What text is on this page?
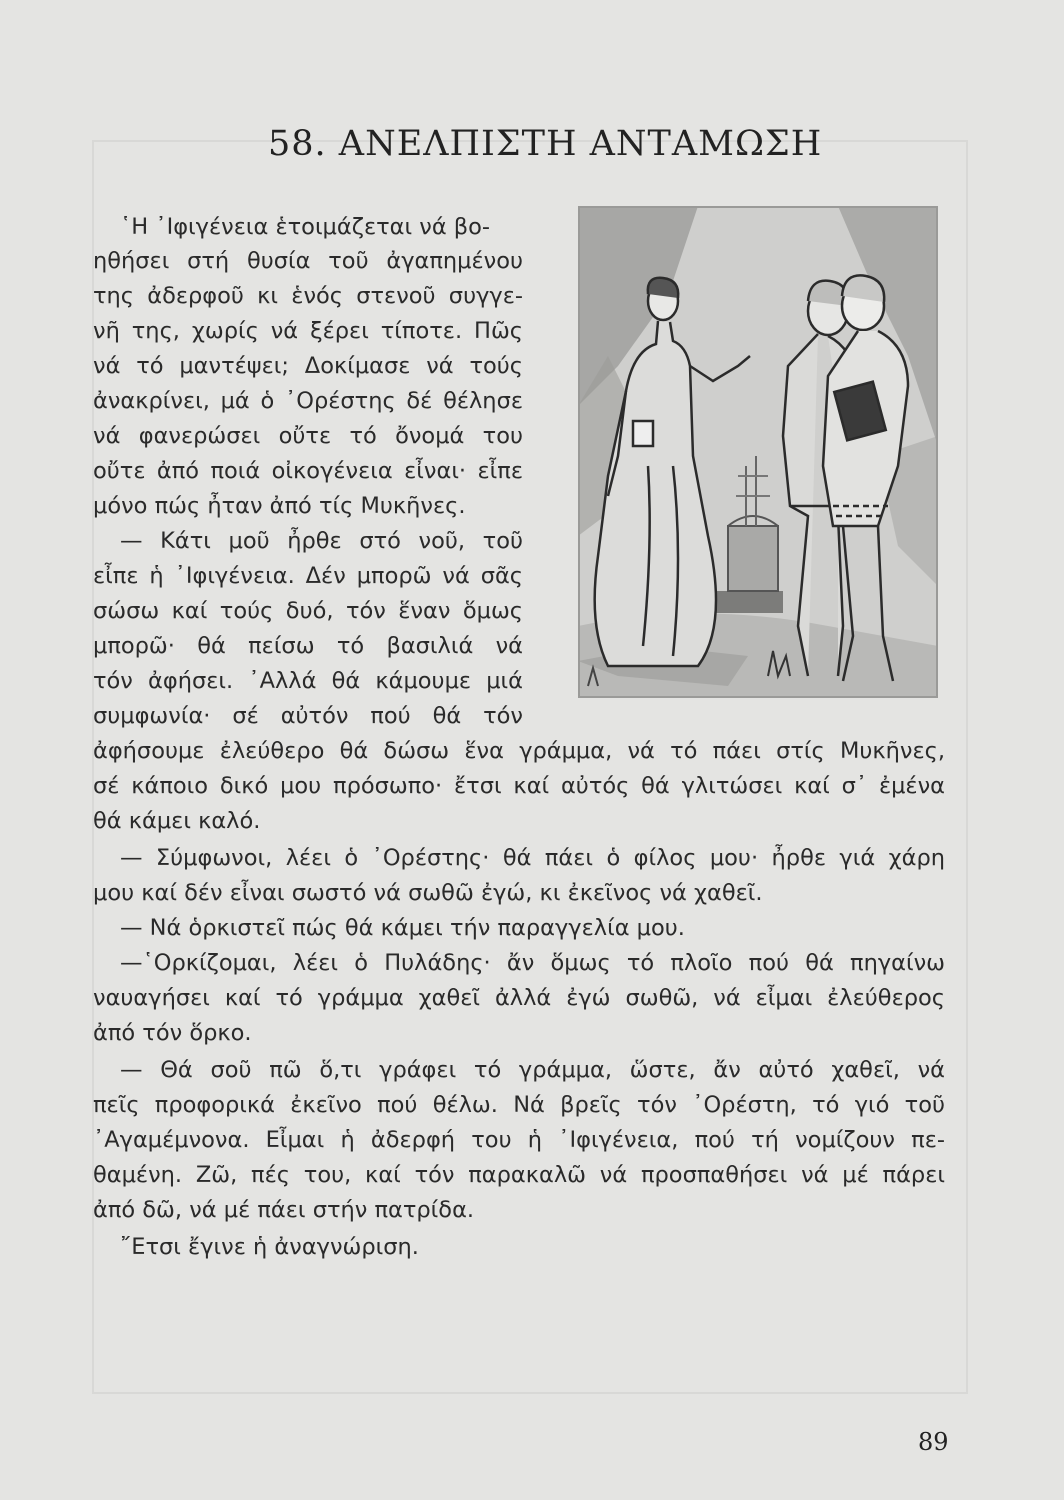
58. ΑΝΕΛΠΙΣΤΗ ΑΝΤΑΜΩΣΗ
῾Η ᾿Ιφιγένεια ἑτοιμάζεται νά βο-
ηθήσει στή θυσία τοῦ ἀγαπημένου
της ἀδερφοῦ κι ἑνός στενοῦ συγγε-
νῆ της, χωρίς νά ξέρει τίποτε. Πῶς
νά τό μαντέψει; Δοκίμασε νά τούς
ἀνακρίνει, μά ὁ ᾿Ορέστης δέ θέλησε
νά φανερώσει οὔτε τό ὄνομά του
οὔτε ἀπό ποιά οἰκογένεια εἶναι· εἶπε
μόνο πώς ἦταν ἀπό τίς Μυκῆνες.
— Κάτι μοῦ ἦρθε στό νοῦ, τοῦ
εἶπε ἡ ᾿Ιφιγένεια. Δέν μπορῶ νά σᾶς
σώσω καί τούς δυό, τόν ἕναν ὅμως
μπορῶ· θά πείσω τό βασιλιά νά
τόν ἀφήσει. ᾿Αλλά θά κάμουμε μιά
συμφωνία· σέ αὐτόν πού θά τόν
ἀφήσουμε ἐλεύθερο θά δώσω ἕνα γράμμα, νά τό πάει στίς Μυκῆνες,
σέ κάποιο δικό μου πρόσωπο· ἔτσι καί αὐτός θά γλιτώσει καί σ᾿ ἐμένα
θά κάμει καλό.
— Σύμφωνοι, λέει ὁ ᾿Ορέστης· θά πάει ὁ φίλος μου· ἦρθε γιά χάρη
μου καί δέν εἶναι σωστό νά σωθῶ ἐγώ, κι ἐκεῖνος νά χαθεῖ.
— Νά ὁρκιστεῖ πώς θά κάμει τήν παραγγελία μου.
—῾Ορκίζομαι, λέει ὁ Πυλάδης· ἄν ὅμως τό πλοῖο πού θά πηγαίνω
ναυαγήσει καί τό γράμμα χαθεῖ ἀλλά ἐγώ σωθῶ, νά εἶμαι ἐλεύθερος
ἀπό τόν ὅρκο.
— Θά σοῦ πῶ ὅ,τι γράφει τό γράμμα, ὥστε, ἄν αὐτό χαθεῖ, νά
πεῖς προφορικά ἐκεῖνο πού θέλω. Νά βρεῖς τόν ᾿Ορέστη, τό γιό τοῦ
᾿Αγαμέμνονα. Εἶμαι ἡ ἀδερφή του ἡ ᾿Ιφιγένεια, πού τή νομίζουν πε-
θαμένη. Ζῶ, πές του, καί τόν παρακαλῶ νά προσπαθήσει νά μέ πάρει
ἀπό δῶ, νά μέ πάει στήν πατρίδα.
῎Ετσι ἔγινε ἡ ἀναγνώριση.
89
